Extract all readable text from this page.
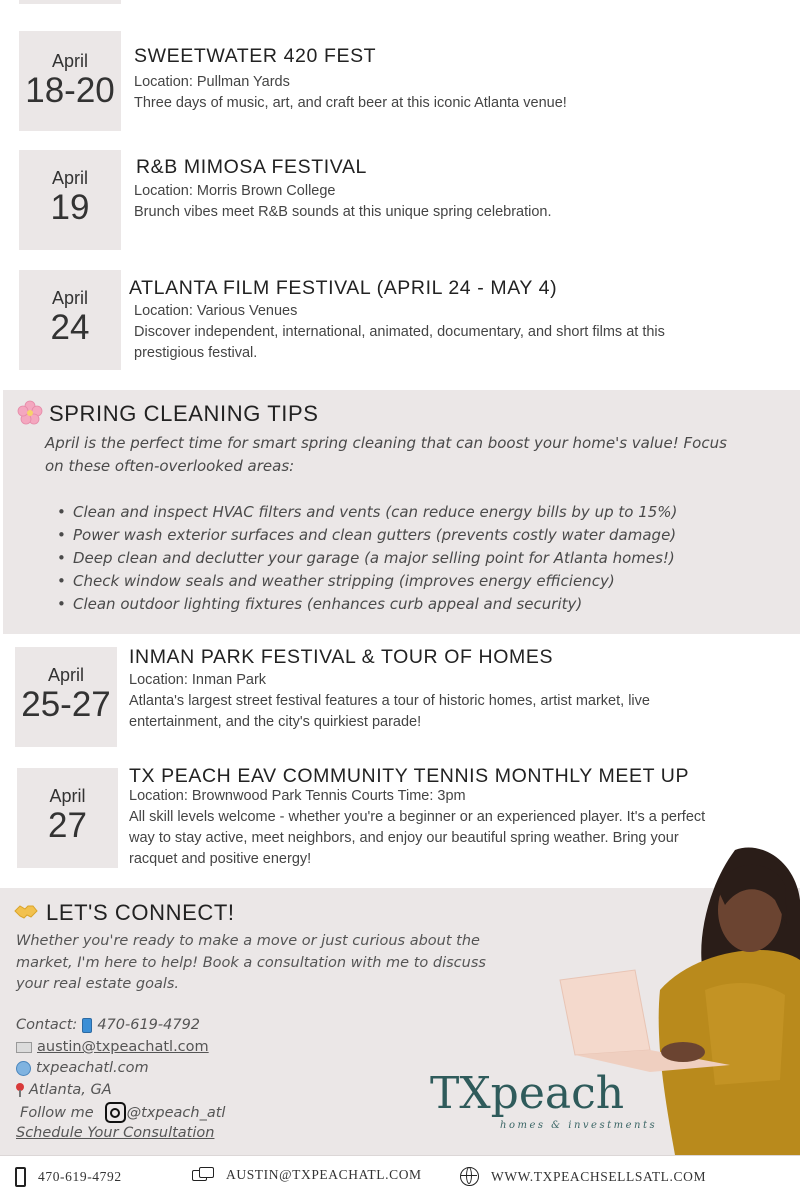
April
18-20
SWEETWATER 420 FEST
Location: Pullman Yards
Three days of music, art, and craft beer at this iconic Atlanta venue!
April
19
R&B MIMOSA FESTIVAL
Location: Morris Brown College
Brunch vibes meet R&B sounds at this unique spring celebration.
April
24
ATLANTA FILM FESTIVAL (APRIL 24 - MAY 4)
Location: Various Venues
Discover independent, international, animated, documentary, and short films at this prestigious festival.
SPRING CLEANING TIPS
April is the perfect time for smart spring cleaning that can boost your home's value! Focus on these often-overlooked areas:
• Clean and inspect HVAC filters and vents (can reduce energy bills by up to 15%)
• Power wash exterior surfaces and clean gutters (prevents costly water damage)
• Deep clean and declutter your garage (a major selling point for Atlanta homes!)
• Check window seals and weather stripping (improves energy efficiency)
• Clean outdoor lighting fixtures (enhances curb appeal and security)
April
25-27
INMAN PARK FESTIVAL & TOUR OF HOMES
Location: Inman Park
Atlanta's largest street festival features a tour of historic homes, artist market, live entertainment, and the city's quirkiest parade!
April
27
TX PEACH EAV COMMUNITY TENNIS MONTHLY MEET UP
Location: Brownwood Park Tennis Courts Time: 3pm
All skill levels welcome - whether you're a beginner or an experienced player. It's a perfect way to stay active, meet neighbors, and enjoy our beautiful spring weather. Bring your racquet and positive energy!
LET'S CONNECT!
Whether you're ready to make a move or just curious about the market, I'm here to help! Book a consultation with me to discuss your real estate goals.
Contact: 470-619-4792
austin@txpeachatl.com
txpeachatl.com
Atlanta, GA
Follow me @txpeach_atl
Schedule Your Consultation
TXpeach
homes & investments
470-619-4792	AUSTIN@TXPEACHATL.COM	WWW.TXPEACHSELLSATL.COM
